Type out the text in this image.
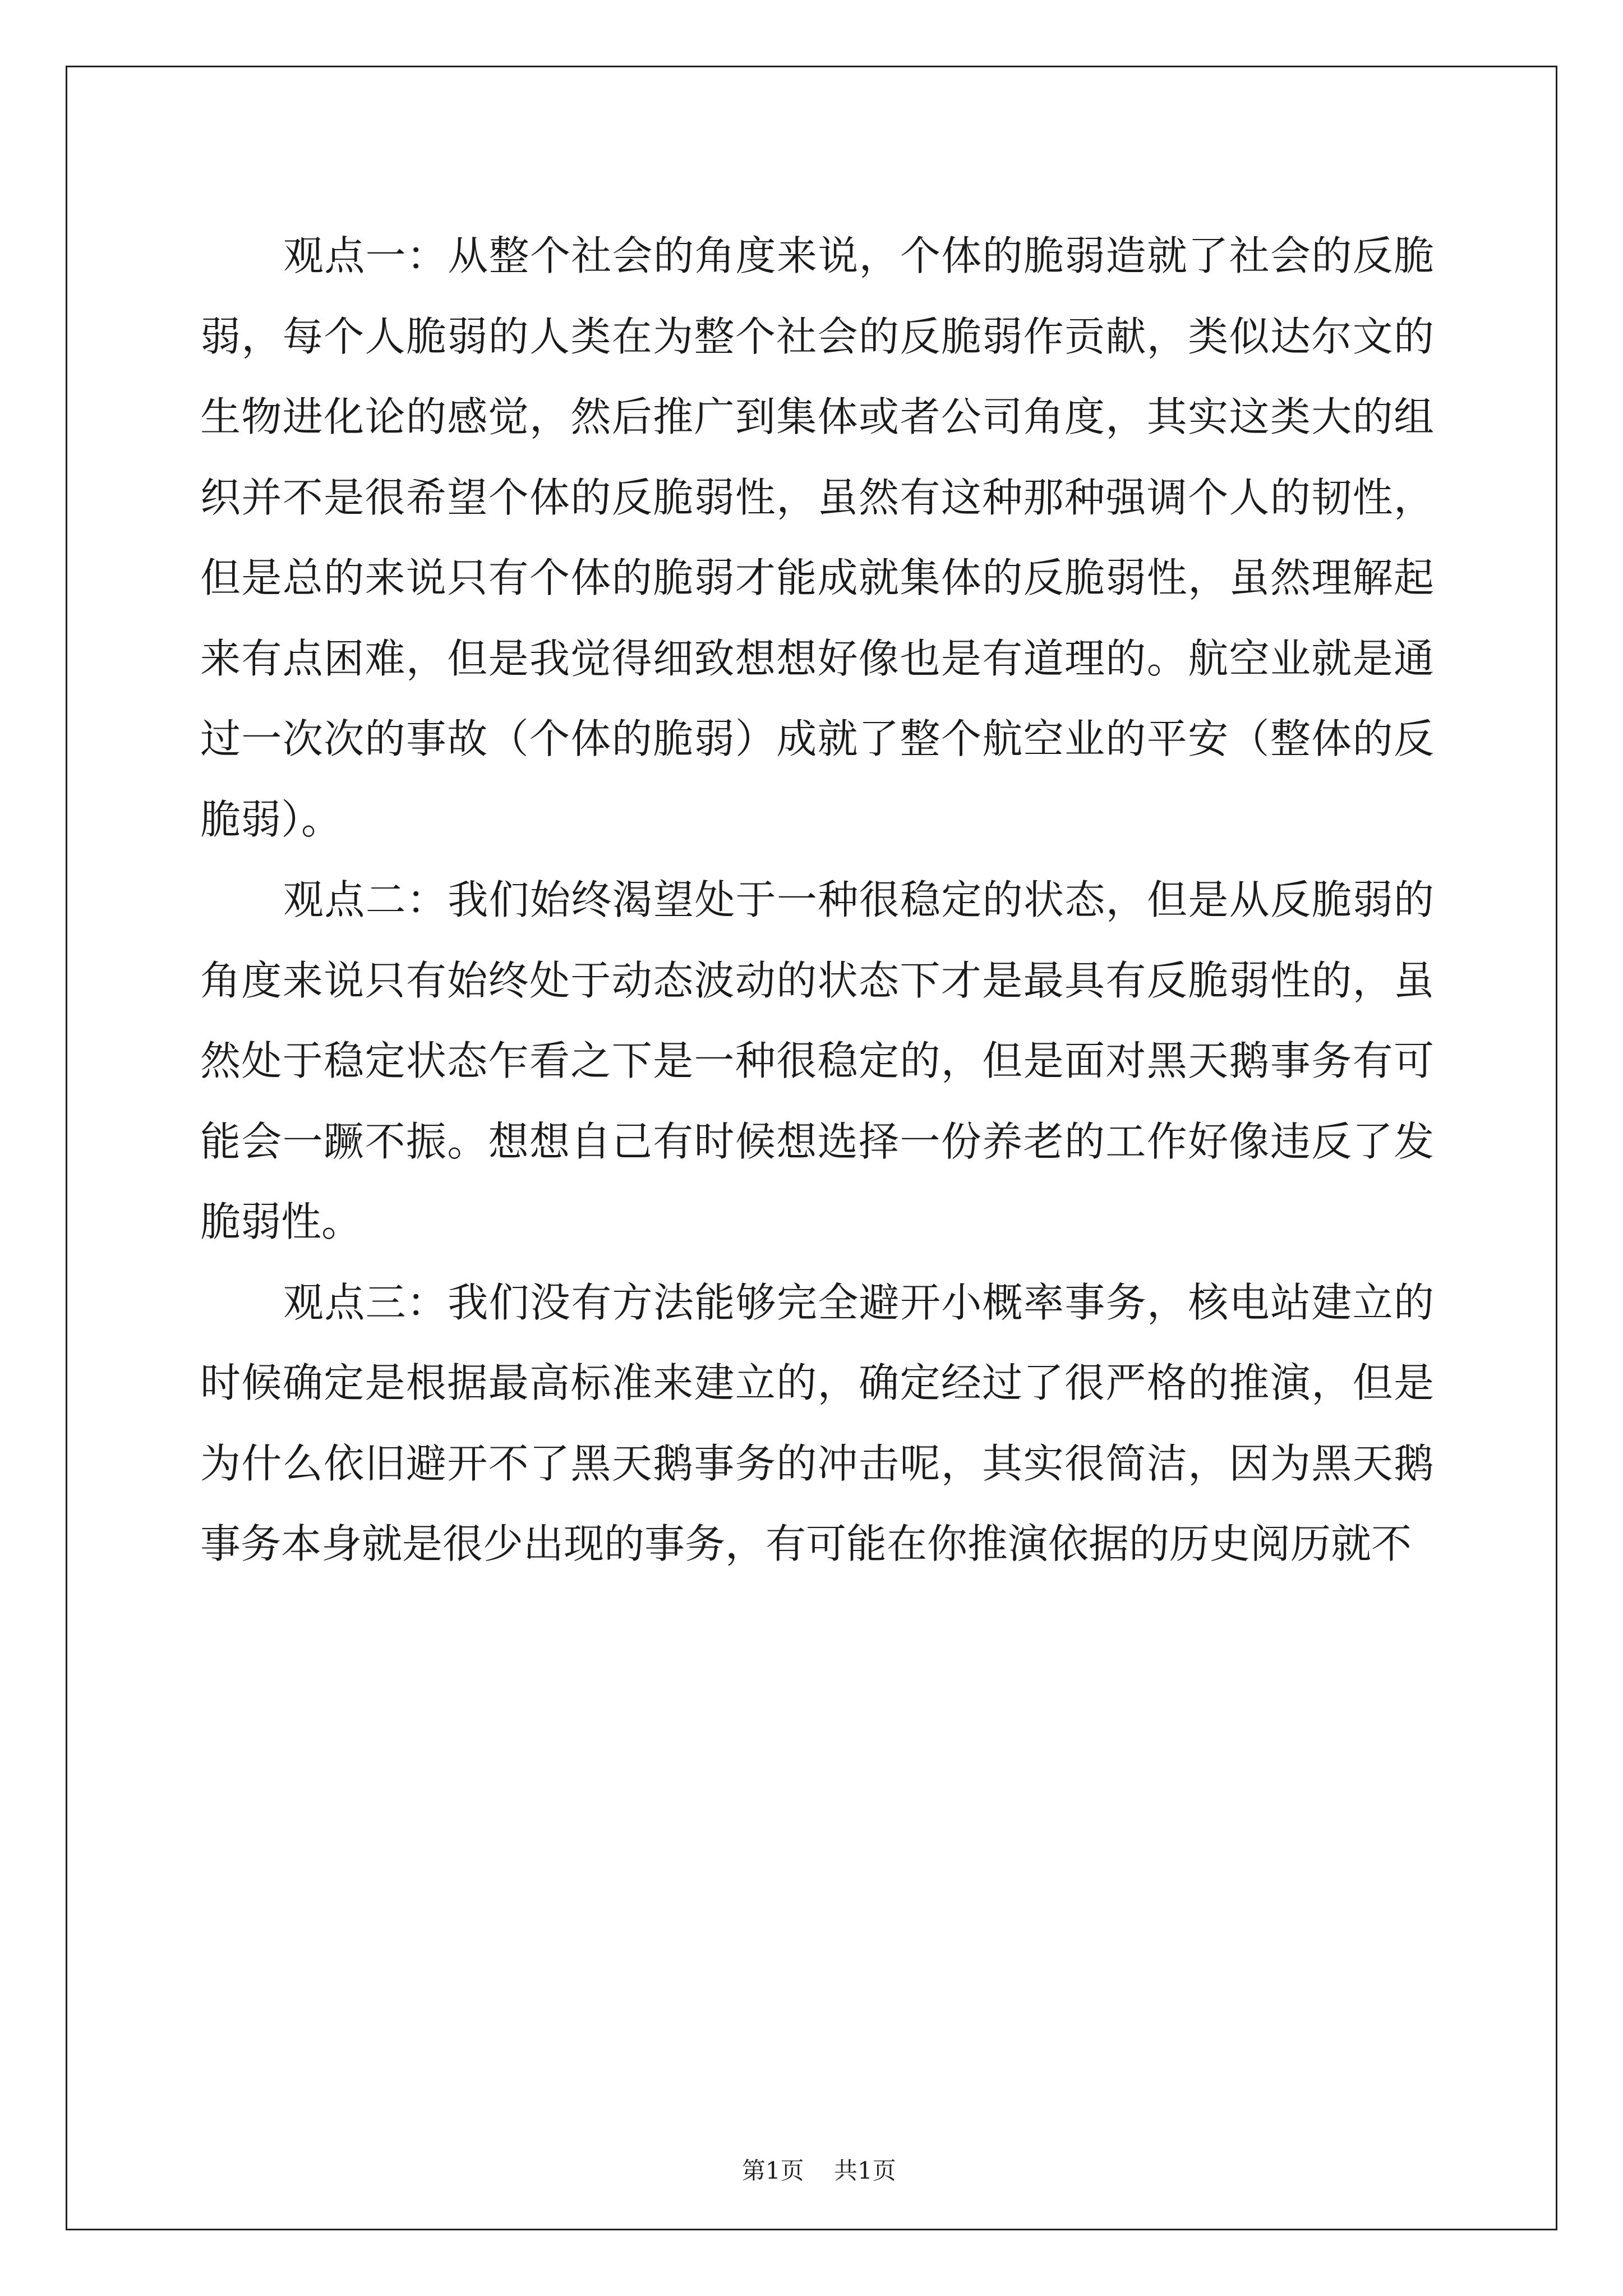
观点一：从整个社会的角度来说，个体的脆弱造就了社会的反脆弱，每个人脆弱的人类在为整个社会的反脆弱作贡献，类似达尔文的生物进化论的感觉，然后推广到集体或者公司角度，其实这类大的组织并不是很希望个体的反脆弱性，虽然有这种那种强调个人的韧性，但是总的来说只有个体的脆弱才能成就集体的反脆弱性，虽然理解起来有点困难，但是我觉得细致想想好像也是有道理的。航空业就是通过一次次的事故（个体的脆弱）成就了整个航空业的平安（整体的反脆弱）。

观点二：我们始终渴望处于一种很稳定的状态，但是从反脆弱的角度来说只有始终处于动态波动的状态下才是最具有反脆弱性的，虽然处于稳定状态乍看之下是一种很稳定的，但是面对黑天鹅事务有可能会一蹶不振。想想自己有时候想选择一份养老的工作好像违反了发脆弱性。

观点三：我们没有方法能够完全避开小概率事务，核电站建立的时候确定是根据最高标准来建立的，确定经过了很严格的推演，但是为什么依旧避开不了黑天鹅事务的冲击呢，其实很简洁，因为黑天鹅事务本身就是很少出现的事务，有可能在你推演依据的历史阅历就不

第1页    共1页
